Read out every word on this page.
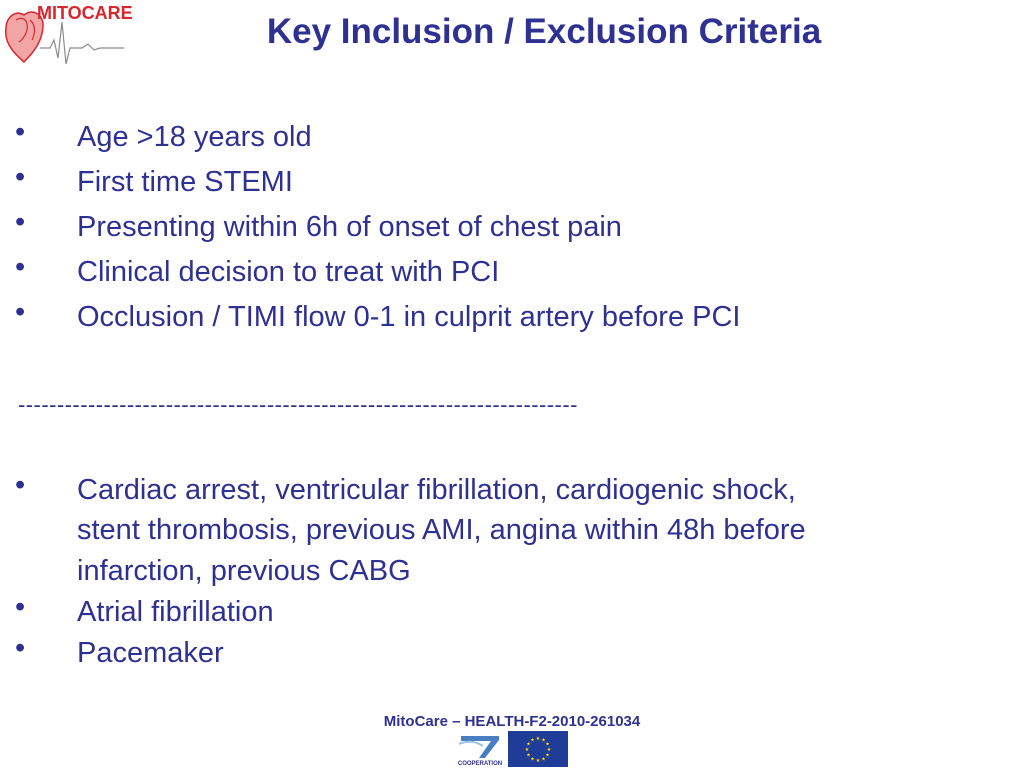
MITOCARE	Key Inclusion / Exclusion Criteria
• Age >18 years old
• First time STEMI
• Presenting within 6h of onset of chest pain
• Clinical decision to treat with PCI
• Occlusion / TIMI flow 0-1 in culprit artery before PCI
------------------------------------------------------------------------
• Cardiac arrest, ventricular fibrillation, cardiogenic shock,
stent thrombosis, previous AMI, angina within 48h before
infarction, previous CABG
• Atrial fibrillation
• Pacemaker
MitoCare – HEALTH-F2-2010-261034
COOPERATION
★ ★
★
★
★
★
★
★
★
★
★
★
